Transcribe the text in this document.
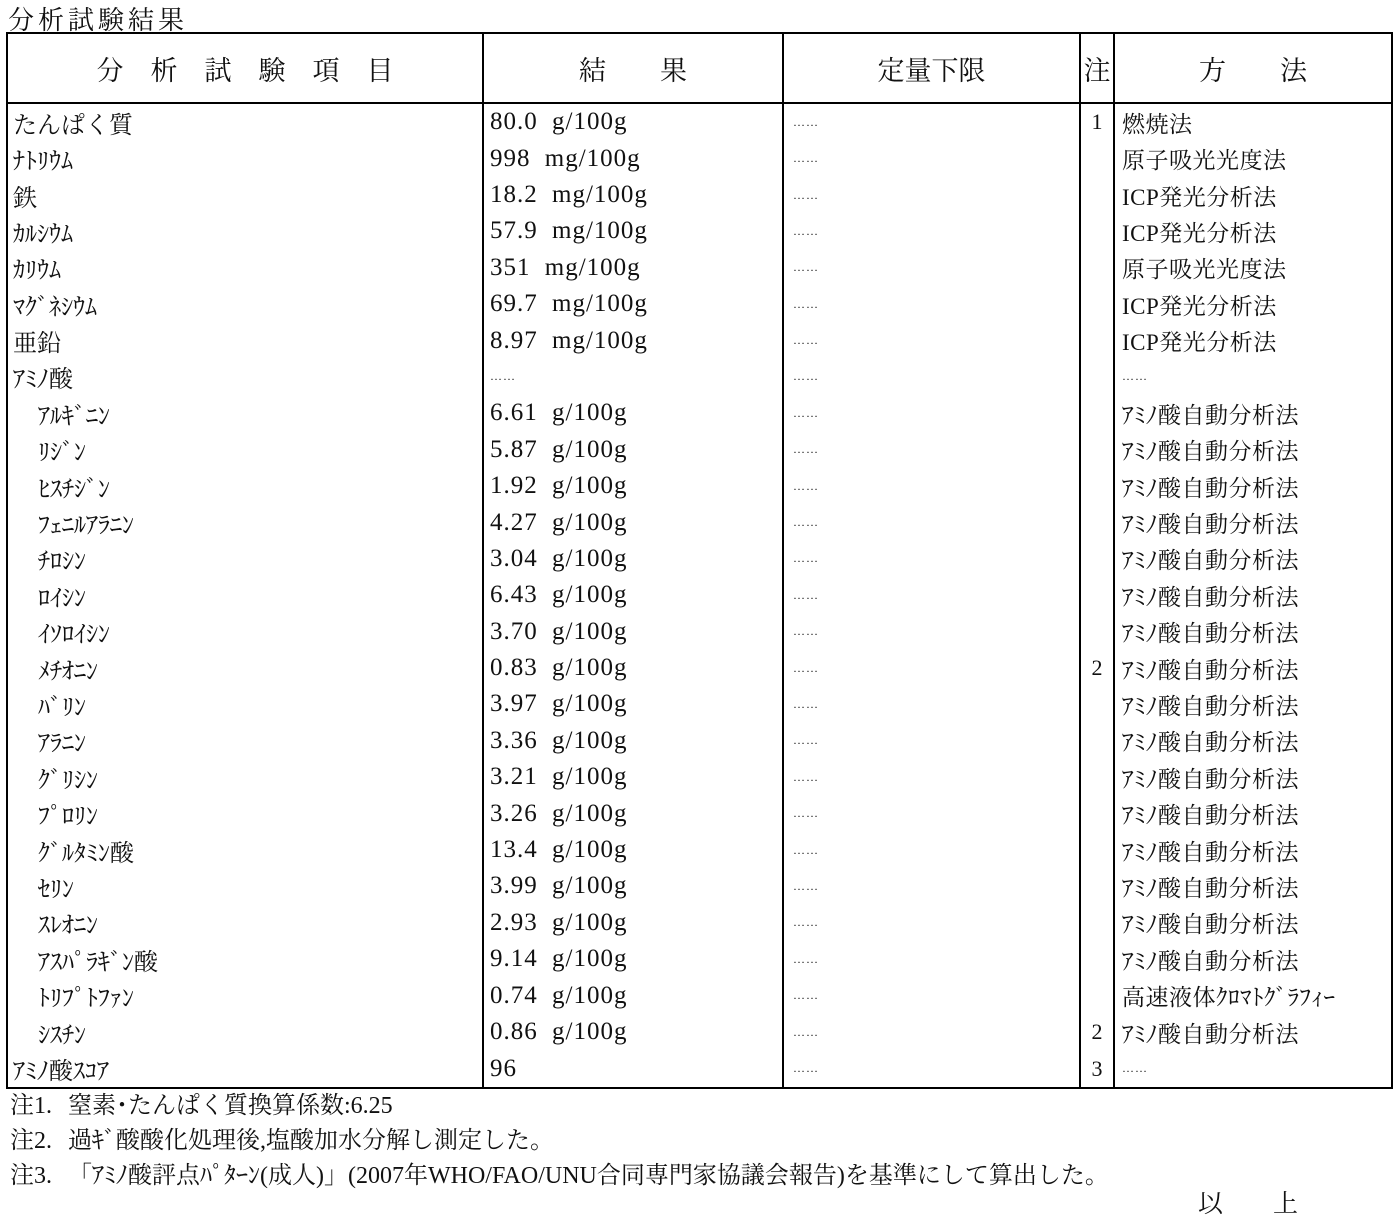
分析試験結果
分　析　試　験　項　目	結　　果	定量下限	注	方　　法
たんぱく質	80.0 g/100g	……	1	燃焼法
ﾅﾄﾘｳﾑ	998 mg/100g	……		原子吸光光度法
鉄	18.2 mg/100g	……		ICP発光分析法
ｶﾙｼｳﾑ	57.9 mg/100g	……		ICP発光分析法
ｶﾘｳﾑ	351 mg/100g	……		原子吸光光度法
ﾏｸﾞﾈｼｳﾑ	69.7 mg/100g	……		ICP発光分析法
亜鉛	8.97 mg/100g	……		ICP発光分析法
ｱﾐﾉ酸	……	……		……
ｱﾙｷﾞﾆﾝ	6.61 g/100g	……		ｱﾐﾉ酸自動分析法
ﾘｼﾞﾝ	5.87 g/100g	……		ｱﾐﾉ酸自動分析法
ﾋｽﾁｼﾞﾝ	1.92 g/100g	……		ｱﾐﾉ酸自動分析法
ﾌｪﾆﾙｱﾗﾆﾝ	4.27 g/100g	……		ｱﾐﾉ酸自動分析法
ﾁﾛｼﾝ	3.04 g/100g	……		ｱﾐﾉ酸自動分析法
ﾛｲｼﾝ	6.43 g/100g	……		ｱﾐﾉ酸自動分析法
ｲｿﾛｲｼﾝ	3.70 g/100g	……		ｱﾐﾉ酸自動分析法
ﾒﾁｵﾆﾝ	0.83 g/100g	……	2	ｱﾐﾉ酸自動分析法
ﾊﾞﾘﾝ	3.97 g/100g	……		ｱﾐﾉ酸自動分析法
ｱﾗﾆﾝ	3.36 g/100g	……		ｱﾐﾉ酸自動分析法
ｸﾞﾘｼﾝ	3.21 g/100g	……		ｱﾐﾉ酸自動分析法
ﾌﾟﾛﾘﾝ	3.26 g/100g	……		ｱﾐﾉ酸自動分析法
ｸﾞﾙﾀﾐﾝ酸	13.4 g/100g	……		ｱﾐﾉ酸自動分析法
ｾﾘﾝ	3.99 g/100g	……		ｱﾐﾉ酸自動分析法
ｽﾚｵﾆﾝ	2.93 g/100g	……		ｱﾐﾉ酸自動分析法
ｱｽﾊﾟﾗｷﾞﾝ酸	9.14 g/100g	……		ｱﾐﾉ酸自動分析法
ﾄﾘﾌﾟﾄﾌｧﾝ	0.74 g/100g	……		高速液体ｸﾛﾏﾄｸﾞﾗﾌｨｰ
ｼｽﾁﾝ	0.86 g/100g	……	2	ｱﾐﾉ酸自動分析法
ｱﾐﾉ酸ｽｺｱ	96	……	3	……
注1. 窒素･たんぱく質換算係数:6.25
注2. 過ｷﾞ酸酸化処理後,塩酸加水分解し測定した。
注3. 「ｱﾐﾉ酸評点ﾊﾟﾀｰﾝ(成人)」(2007年WHO/FAO/UNU合同専門家協議会報告)を基準にして算出した。
以　　上
